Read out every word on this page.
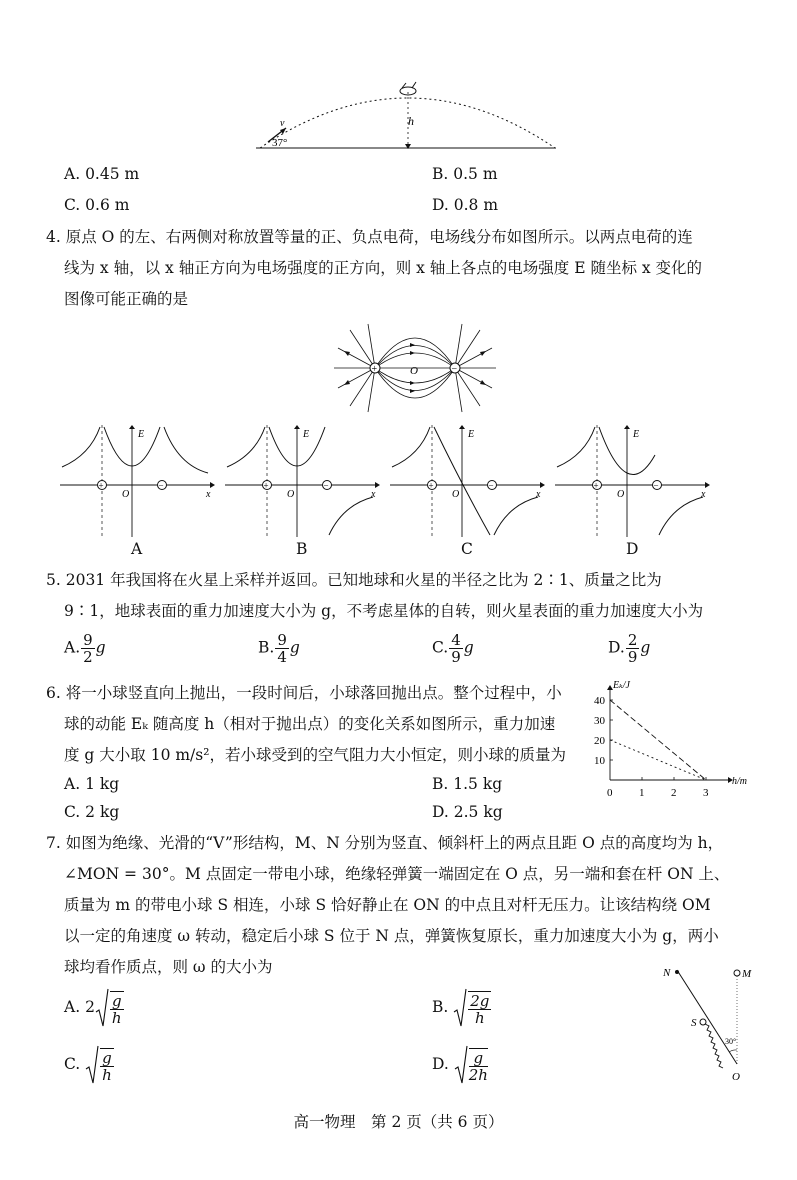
v
37°
h
A. 0.45 m	B. 0.5 m
C. 0.6 m	D. 0.8 m
4. 原点 O 的左、右两侧对称放置等量的正、负点电荷，电场线分布如图所示。以两点电荷的连
线为 x 轴，以 x 轴正方向为电场强度的正方向，则 x 轴上各点的电场强度 E 随坐标 x 变化的
图像可能正确的是
+	−
O
E	E	E	E
x	x	x	x
O	O	O	O
+	+	+	+
−	−	−	−
A	B	C	D
5. 2031 年我国将在火星上采样并返回。已知地球和火星的半径之比为 2∶1、质量之比为
9∶1，地球表面的重力加速度大小为 g，不考虑星体的自转，则火星表面的重力加速度大小为
A. $\frac{9}{2}$ g	B. $\frac{9}{4}$ g	C. $\frac{4}{9}$ g	D. $\frac{2}{9}$ g
6. 将一小球竖直向上抛出，一段时间后，小球落回抛出点。整个过程中，小
球的动能 Eₖ 随高度 h（相对于抛出点）的变化关系如图所示，重力加速
度 g 大小取 10 m/s²，若小球受到的空气阻力大小恒定，则小球的质量为	10
20
30
40
0 1 2 3
h/m
Eₖ/J
A. 1 kg	B. 1.5 kg
C. 2 kg	D. 2.5 kg
7. 如图为绝缘、光滑的“V”形结构，M、N 分别为竖直、倾斜杆上的两点且距 O 点的高度均为 h，
∠MON = 30°。M 点固定一带电小球，绝缘轻弹簧一端固定在 O 点，另一端和套在杆 ON 上、
质量为 m 的带电小球 S 相连，小球 S 恰好静止在 ON 的中点且对杆无压力。让该结构绕 OM
以一定的角速度 ω 转动，稳定后小球 S 位于 N 点，弹簧恢复原长，重力加速度大小为 g，两小
球均看作质点，则 ω 的大小为
A. $2 \frac{g}{h}$	B. $\frac{2g}{h}$
C. $\frac{g}{h}$	D. $\frac{g}{2h}$
N	M
S
O
30°
高一物理　第 2 页（共 6 页）
